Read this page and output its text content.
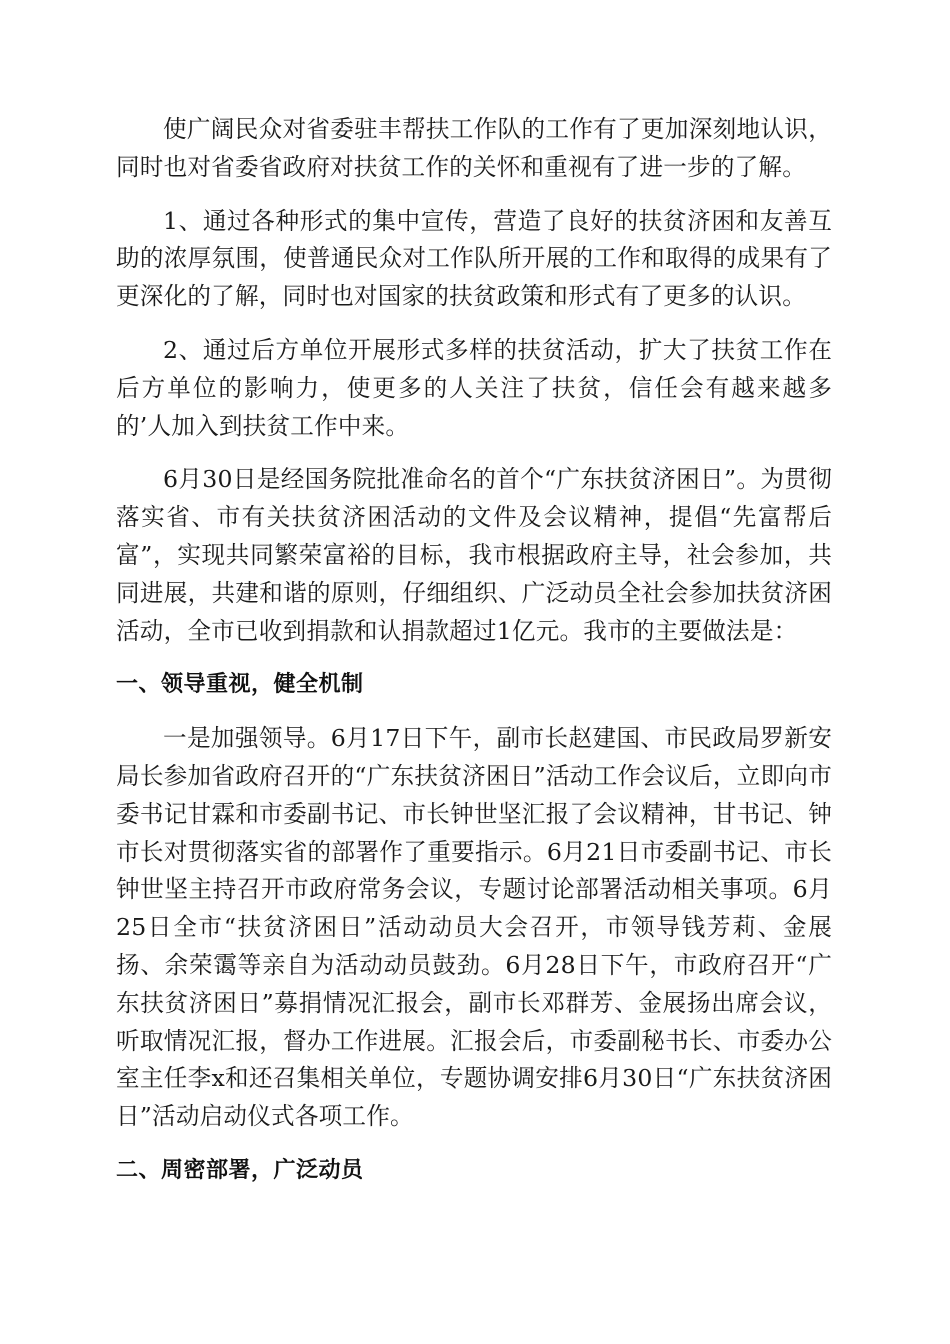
使广阔民众对省委驻丰帮扶工作队的工作有了更加深刻地认识，同时也对省委省政府对扶贫工作的关怀和重视有了进一步的了解。

1、通过各种形式的集中宣传，营造了良好的扶贫济困和友善互助的浓厚氛围，使普通民众对工作队所开展的工作和取得的成果有了更深化的了解，同时也对国家的扶贫政策和形式有了更多的认识。

2、通过后方单位开展形式多样的扶贫活动，扩大了扶贫工作在后方单位的影响力，使更多的人关注了扶贫，信任会有越来越多的’人加入到扶贫工作中来。

6月30日是经国务院批准命名的首个“广东扶贫济困日”。为贯彻落实省、市有关扶贫济困活动的文件及会议精神，提倡“先富帮后富”，实现共同繁荣富裕的目标，我市根据政府主导，社会参加，共同进展，共建和谐的原则，仔细组织、广泛动员全社会参加扶贫济困活动，全市已收到捐款和认捐款超过1亿元。我市的主要做法是：

一、领导重视，健全机制

一是加强领导。6月17日下午，副市长赵建国、市民政局罗新安局长参加省政府召开的“广东扶贫济困日”活动工作会议后，立即向市委书记甘霖和市委副书记、市长钟世坚汇报了会议精神，甘书记、钟市长对贯彻落实省的部署作了重要指示。6月21日市委副书记、市长钟世坚主持召开市政府常务会议，专题讨论部署活动相关事项。6月25日全市“扶贫济困日”活动动员大会召开，市领导钱芳莉、金展扬、余荣霭等亲自为活动动员鼓劲。6月28日下午，市政府召开“广东扶贫济困日”募捐情况汇报会，副市长邓群芳、金展扬出席会议，听取情况汇报，督办工作进展。汇报会后，市委副秘书长、市委办公室主任李x和还召集相关单位，专题协调安排6月30日“广东扶贫济困日”活动启动仪式各项工作。

二、周密部署，广泛动员
